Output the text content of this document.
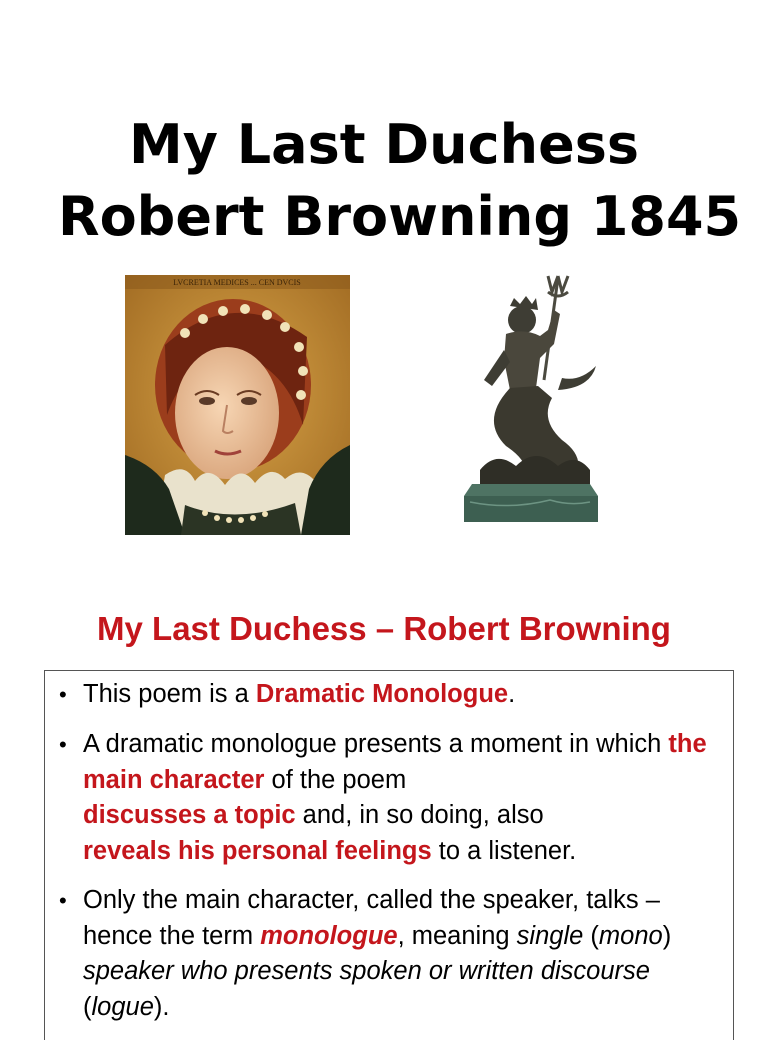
My Last Duchess
Robert Browning 1845
LVCRETIA MEDICES ... CEN DVCIS
My Last Duchess – Robert Browning
• This poem is a Dramatic Monologue.
• A dramatic monologue presents a moment in which the main character of the poem
discusses a topic and, in so doing, also
reveals his personal feelings to a listener.
• Only the main character, called the speaker, talks – hence the term monologue, meaning single (mono) speaker who presents spoken or written discourse (logue).
